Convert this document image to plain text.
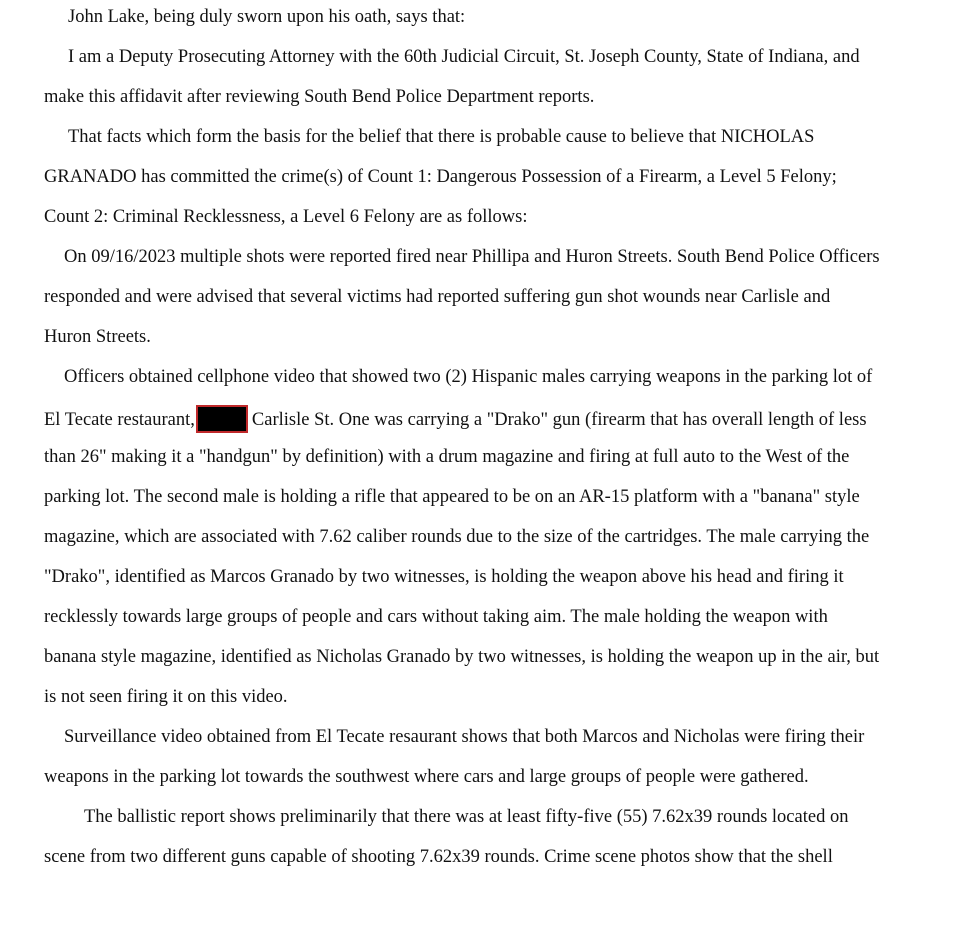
John Lake, being duly sworn upon his oath, says that:
I am a Deputy Prosecuting Attorney with the 60th Judicial Circuit, St. Joseph County, State of Indiana, and
make this affidavit after reviewing South Bend Police Department reports.
That facts which form the basis for the belief that there is probable cause to believe that NICHOLAS
GRANADO has committed the crime(s) of Count 1: Dangerous Possession of a Firearm, a Level 5 Felony;
Count 2: Criminal Recklessness, a Level 6 Felony are as follows:
On 09/16/2023 multiple shots were reported fired near Phillipa and Huron Streets. South Bend Police Officers
responded and were advised that several victims had reported suffering gun shot wounds near Carlisle and
Huron Streets.
Officers obtained cellphone video that showed two (2) Hispanic males carrying weapons in the parking lot of
El Tecate restaurant,	Carlisle St. One was carrying a "Drako" gun (firearm that has overall length of less
than 26" making it a "handgun" by definition) with a drum magazine and firing at full auto to the West of the
parking lot. The second male is holding a rifle that appeared to be on an AR-15 platform with a "banana" style
magazine, which are associated with 7.62 caliber rounds due to the size of the cartridges. The male carrying the
"Drako", identified as Marcos Granado by two witnesses, is holding the weapon above his head and firing it
recklessly towards large groups of people and cars without taking aim. The male holding the weapon with
banana style magazine, identified as Nicholas Granado by two witnesses, is holding the weapon up in the air, but
is not seen firing it on this video.
Surveillance video obtained from El Tecate resaurant shows that both Marcos and Nicholas were firing their
weapons in the parking lot towards the southwest where cars and large groups of people were gathered.
The ballistic report shows preliminarily that there was at least fifty-five (55) 7.62x39 rounds located on
scene from two different guns capable of shooting 7.62x39 rounds. Crime scene photos show that the shell
